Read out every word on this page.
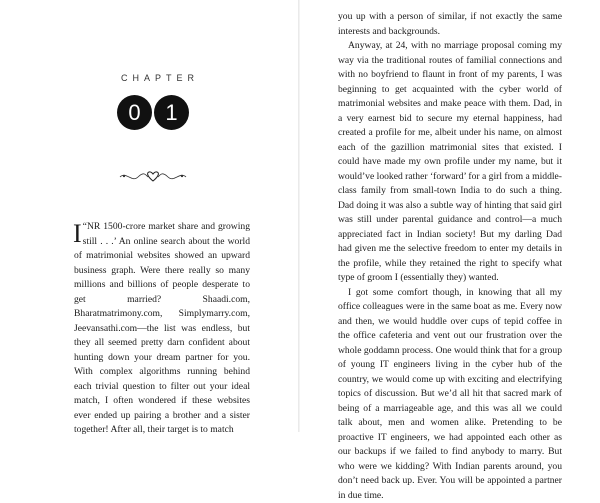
CHAPTER
0	1
“
I NR 1500-crore market share and growing still . . .’ An online search about the world of matrimonial websites showed an upward business graph. Were there really so many millions and billions of people desperate to get married? Shaadi.com, Bharatmatrimony.com, Simplymarry.com, Jeevansathi.com—the list was endless, but they all seemed pretty darn confident about hunting down your dream partner for you. With complex algorithms running behind each trivial question to filter out your ideal match, I often wondered if these websites ever ended up pairing a brother and a sister together! After all, their target is to match

you up with a person of similar, if not exactly the same interests and backgrounds.

Anyway, at 24, with no marriage proposal coming my way via the traditional routes of familial connections and with no boyfriend to flaunt in front of my parents, I was beginning to get acquainted with the cyber world of matrimonial websites and make peace with them. Dad, in a very earnest bid to secure my eternal happiness, had created a profile for me, albeit under his name, on almost each of the gazillion matrimonial sites that existed. I could have made my own profile under my name, but it would’ve looked rather ‘forward’ for a girl from a middle-class family from small-town India to do such a thing. Dad doing it was also a subtle way of hinting that said girl was still under parental guidance and control—a much appreciated fact in Indian society! But my darling Dad had given me the selective freedom to enter my details in the profile, while they retained the right to specify what type of groom I (essentially they) wanted.

I got some comfort though, in knowing that all my office colleagues were in the same boat as me. Every now and then, we would huddle over cups of tepid coffee in the office cafeteria and vent out our frustration over the whole goddamn process. One would think that for a group of young IT engineers living in the cyber hub of the country, we would come up with exciting and electrifying topics of discussion. But we’d all hit that sacred mark of being of a marriageable age, and this was all we could talk about, men and women alike. Pretending to be proactive IT engineers, we had appointed each other as our backups if we failed to find anybody to marry. But who were we kidding? With Indian parents around, you don’t need back up. Ever. You will be appointed a partner in due time.
